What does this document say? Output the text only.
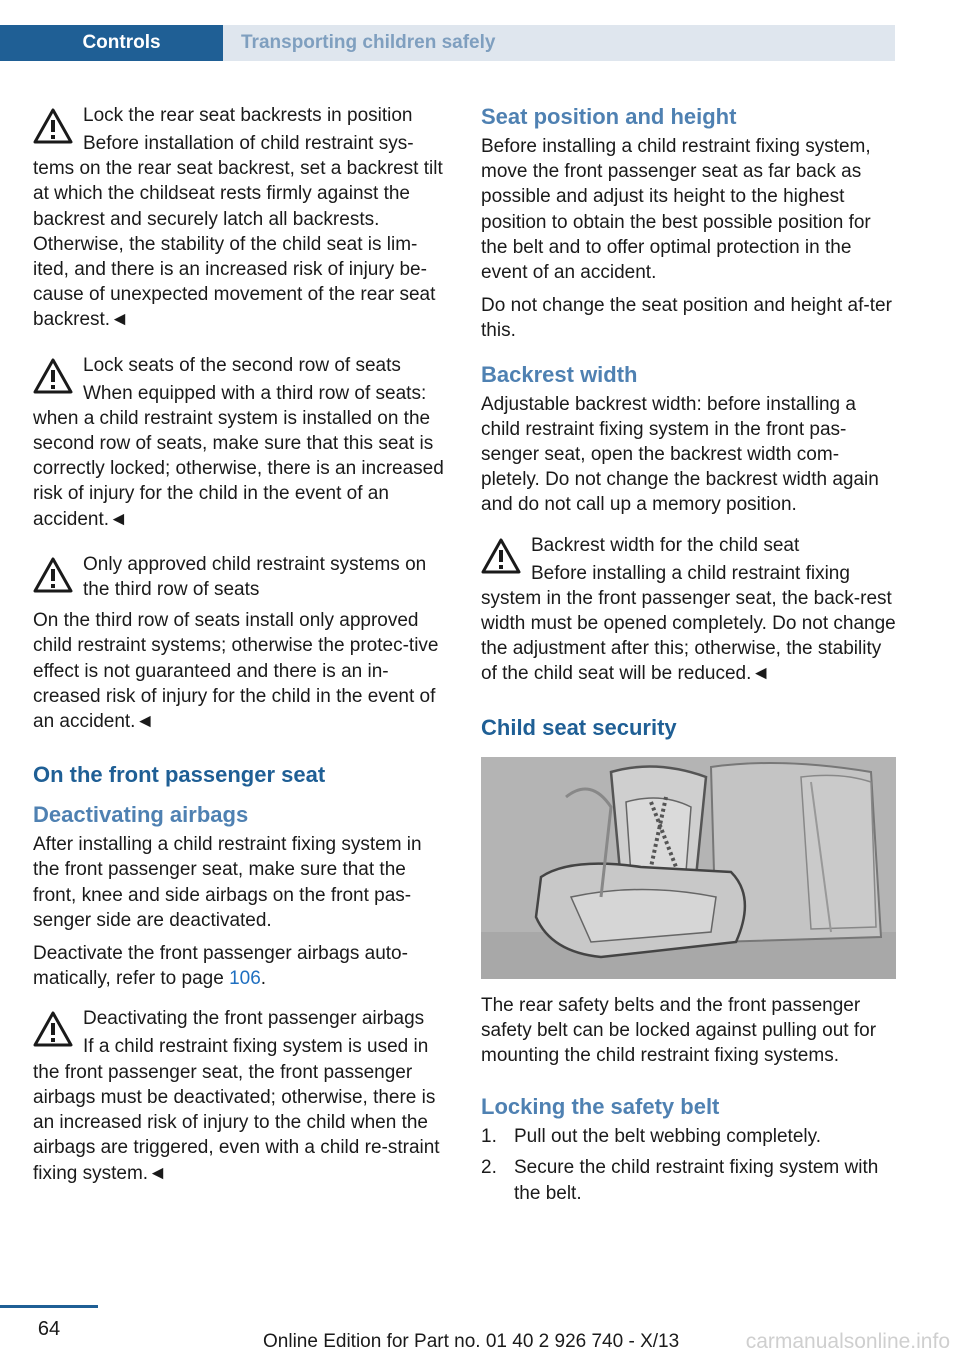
Controls	Transporting children safely
Lock the rear seat backrests in position

Before installation of child restraint sys‐tems on the rear seat backrest, set a backrest tilt at which the childseat rests firmly against the backrest and securely latch all backrests. Otherwise, the stability of the child seat is lim‐ited, and there is an increased risk of injury be‐cause of unexpected movement of the rear seat backrest.◄

Lock seats of the second row of seats

When equipped with a third row of seats: when a child restraint system is installed on the second row of seats, make sure that this seat is correctly locked; otherwise, there is an increased risk of injury for the child in the event of an accident.◄

Only approved child restraint systems on the third row of seats

On the third row of seats install only approved child restraint systems; otherwise the protec‐tive effect is not guaranteed and there is an in‐creased risk of injury for the child in the event of an accident.◄

On the front passenger seat
Deactivating airbags

After installing a child restraint fixing system in the front passenger seat, make sure that the front, knee and side airbags on the front pas‐senger side are deactivated.

Deactivate the front passenger airbags auto‐matically, refer to page 106.

Deactivating the front passenger airbags

If a child restraint fixing system is used in the front passenger seat, the front passenger airbags must be deactivated; otherwise, there is an increased risk of injury to the child when the airbags are triggered, even with a child re‐straint fixing system.◄

Seat position and height

Before installing a child restraint fixing system, move the front passenger seat as far back as possible and adjust its height to the highest position to obtain the best possible position for the belt and to offer optimal protection in the event of an accident.

Do not change the seat position and height af‐ter this.

Backrest width

Adjustable backrest width: before installing a child restraint fixing system in the front pas‐senger seat, open the backrest width com‐pletely. Do not change the backrest width again and do not call up a memory position.

Backrest width for the child seat

Before installing a child restraint fixing system in the front passenger seat, the back‐rest width must be opened completely. Do not change the adjustment after this; otherwise, the stability of the child seat will be reduced.◄

Child seat security

The rear safety belts and the front passenger safety belt can be locked against pulling out for mounting the child restraint fixing systems.

Locking the safety belt
1. Pull out the belt webbing completely.
2. Secure the child restraint fixing system with the belt.
64
Online Edition for Part no. 01 40 2 926 740 - X/13	carmanualsonline.info
